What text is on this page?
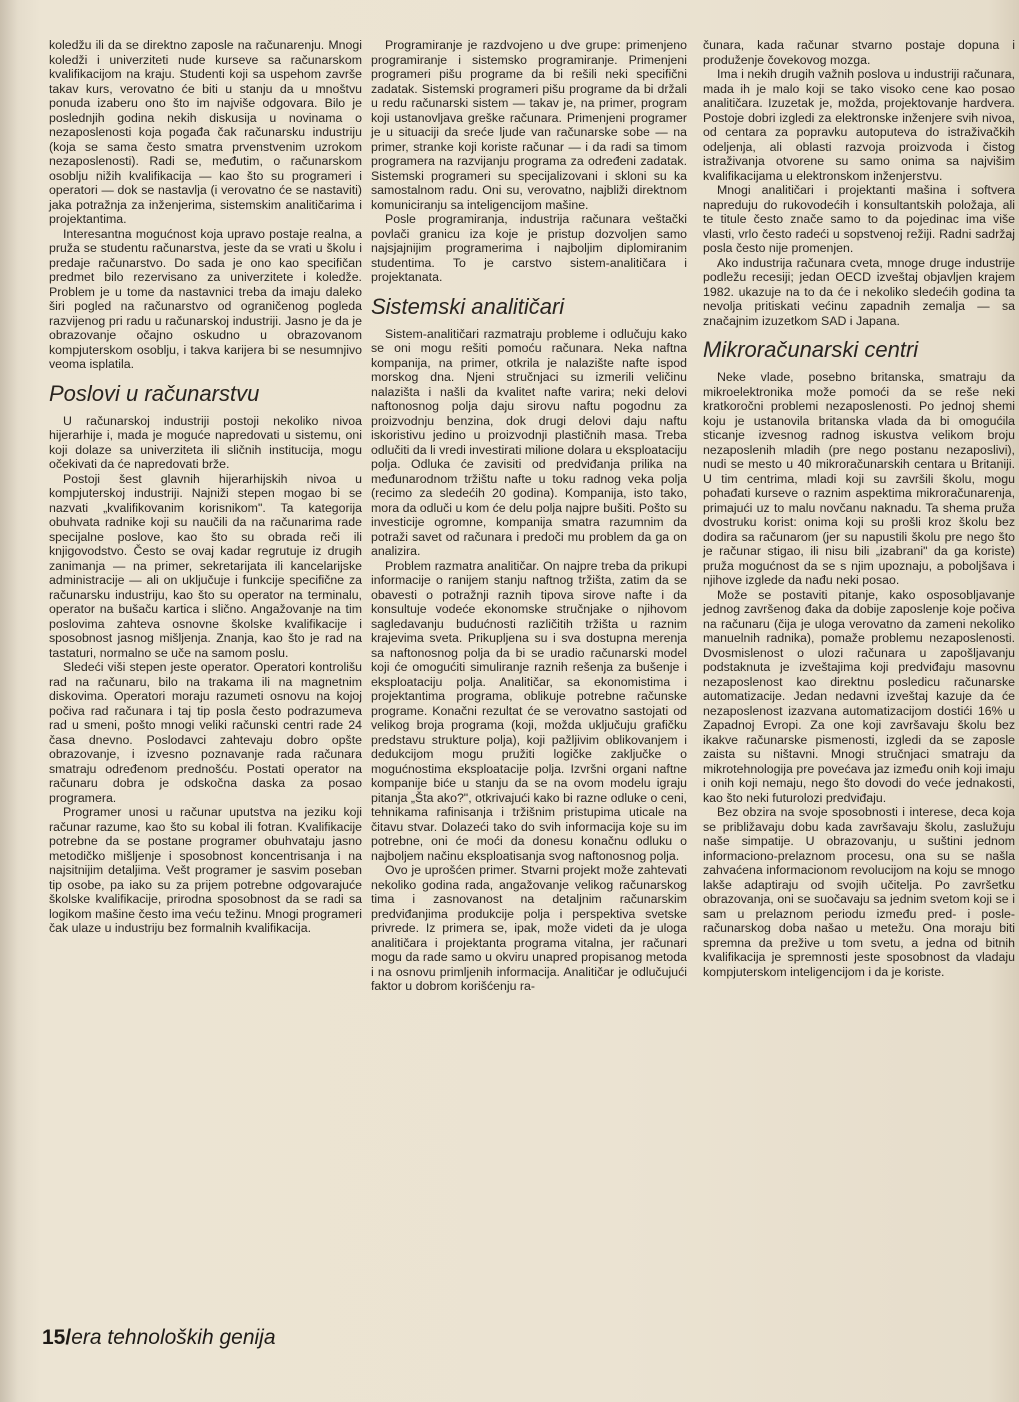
koledžu ili da se direktno zaposle na računarenju. Mnogi koledži i univerziteti nude kurseve sa računarskom kvalifikacijom na kraju. Studenti koji sa uspehom završe takav kurs, verovatno će biti u stanju da u mnoštvu ponuda izaberu ono što im najviše odgovara. Bilo je poslednjih godina nekih diskusija u novinama o nezaposlenosti koja pogađa čak računarsku industriju (koja se sama često smatra prvenstvenim uzrokom nezaposlenosti). Radi se, međutim, o računarskom osoblju nižih kvalifikacija — kao što su programeri i operatori — dok se nastavlja (i verovatno će se nastaviti) jaka potražnja za inženjerima, sistemskim analitičarima i projektantima.

Interesantna mogućnost koja upravo postaje realna, a pruža se studentu računarstva, jeste da se vrati u školu i predaje računarstvo. Do sada je ono kao specifičan predmet bilo rezervisano za univerzitete i koledže. Problem je u tome da nastavnici treba da imaju daleko širi pogled na računarstvo od ograničenog pogleda razvijenog pri radu u računarskoj industriji. Jasno je da je obrazovanje očajno oskudno u obrazovanom kompjuterskom osoblju, i takva karijera bi se nesumnjivo veoma isplatila.

Poslovi u računarstvu

U računarskoj industriji postoji nekoliko nivoa hijerarhije i, mada je moguće napredovati u sistemu, oni koji dolaze sa univerziteta ili sličnih institucija, mogu očekivati da će napredovati brže.

Postoji šest glavnih hijerarhijskih nivoa u kompjuterskoj industriji. Najniži stepen mogao bi se nazvati „kvalifikovanim korisnikom". Ta kategorija obuhvata radnike koji su naučili da na računarima rade specijalne poslove, kao što su obrada reči ili knjigovodstvo. Često se ovaj kadar regrutuje iz drugih zanimanja — na primer, sekretarijata ili kancelarijske administracije — ali on uključuje i funkcije specifične za računarsku industriju, kao što su operator na terminalu, operator na bušaču kartica i slično. Angažovanje na tim poslovima zahteva osnovne školske kvalifikacije i sposobnost jasnog mišljenja. Znanja, kao što je rad na tastaturi, normalno se uče na samom poslu.

Sledeći viši stepen jeste operator. Operatori kontrolišu rad na računaru, bilo na trakama ili na magnetnim diskovima. Operatori moraju razumeti osnovu na kojoj počiva rad računara i taj tip posla često podrazumeva rad u smeni, pošto mnogi veliki računski centri rade 24 časa dnevno. Poslodavci zahtevaju dobro opšte obrazovanje, i izvesno poznavanje rada računara smatraju određenom prednošću. Postati operator na računaru dobra je odskočna daska za posao programera.

Programer unosi u računar uputstva na jeziku koji računar razume, kao što su kobal ili fotran. Kvalifikacije potrebne da se postane programer obuhvataju jasno metodičko mišljenje i sposobnost koncentrisanja i na najsitnijim detaljima. Vešt programer je sasvim poseban tip osobe, pa iako su za prijem potrebne odgovarajuće školske kvalifikacije, prirodna sposobnost da se radi sa logikom mašine često ima veću težinu. Mnogi programeri čak ulaze u industriju bez formalnih kvalifikacija.

Programiranje je razdvojeno u dve grupe: primenjeno programiranje i sistemsko programiranje. Primenjeni programeri pišu programe da bi rešili neki specifični zadatak. Sistemski programeri pišu programe da bi držali u redu računarski sistem — takav je, na primer, program koji ustanovljava greške računara. Primenjeni programer je u situaciji da sreće ljude van računarske sobe — na primer, stranke koji koriste računar — i da radi sa timom programera na razvijanju programa za određeni zadatak. Sistemski programeri su specijalizovani i skloni su ka samostalnom radu. Oni su, verovatno, najbliži direktnom komuniciranju sa inteligencijom mašine.

Posle programiranja, industrija računara veštački povlači granicu iza koje je pristup dozvoljen samo najsjajnijim programerima i najboljim diplomiranim studentima. To je carstvo sistem-analitičara i projektanata.

Sistemski analitičari

Sistem-analitičari razmatraju probleme i odlučuju kako se oni mogu rešiti pomoću računara. Neka naftna kompanija, na primer, otkrila je nalazište nafte ispod morskog dna. Njeni stručnjaci su izmerili veličinu nalazišta i našli da kvalitet nafte varira; neki delovi naftonosnog polja daju sirovu naftu pogodnu za proizvodnju benzina, dok drugi delovi daju naftu iskoristivu jedino u proizvodnji plastičnih masa. Treba odlučiti da li vredi investirati milione dolara u eksploataciju polja. Odluka će zavisiti od predviđanja prilika na međunarodnom tržištu nafte u toku radnog veka polja (recimo za sledećih 20 godina). Kompanija, isto tako, mora da odluči u kom će delu polja najpre bušiti. Pošto su investicije ogromne, kompanija smatra razumnim da potraži savet od računara i predoči mu problem da ga on analizira.

Problem razmatra analitičar. On najpre treba da prikupi informacije o ranijem stanju naftnog tržišta, zatim da se obavesti o potražnji raznih tipova sirove nafte i da konsultuje vodeće ekonomske stručnjake o njihovom sagledavanju budućnosti različitih tržišta u raznim krajevima sveta. Prikupljena su i sva dostupna merenja sa naftonosnog polja da bi se uradio računarski model koji će omogućiti simuliranje raznih rešenja za bušenje i eksploataciju polja. Analitičar, sa ekonomistima i projektantima programa, oblikuje potrebne računske programe. Konačni rezultat će se verovatno sastojati od velikog broja programa (koji, možda uključuju grafičku predstavu strukture polja), koji pažljivim oblikovanjem i dedukcijom mogu pružiti logičke zaključke o mogućnostima eksploatacije polja. Izvršni organi naftne kompanije biće u stanju da se na ovom modelu igraju pitanja „Šta ako?", otkrivajući kako bi razne odluke o ceni, tehnikama rafinisanja i tržišnim pristupima uticale na čitavu stvar. Dolazeći tako do svih informacija koje su im potrebne, oni će moći da donesu konačnu odluku o najboljem načinu eksploatisanja svog naftonosnog polja.

Ovo je uprošćen primer. Stvarni projekt može zahtevati nekoliko godina rada, angažovanje velikog računarskog tima i zasnovanost na detaljnim računarskim predviđanjima produkcije polja i perspektiva svetske privrede. Iz primera se, ipak, može videti da je uloga analitičara i projektanta programa vitalna, jer računari mogu da rade samo u okviru unapred propisanog metoda i na osnovu primljenih informacija. Analitičar je odlučujući faktor u dobrom korišćenju ra-

čunara, kada računar stvarno postaje dopuna i produženje čovekovog mozga.

Ima i nekih drugih važnih poslova u industriji računara, mada ih je malo koji se tako visoko cene kao posao analitičara. Izuzetak je, možda, projektovanje hardvera. Postoje dobri izgledi za elektronske inženjere svih nivoa, od centara za popravku autoputeva do istraživačkih odeljenja, ali oblasti razvoja proizvoda i čistog istraživanja otvorene su samo onima sa najvišim kvalifikacijama u elektronskom inženjerstvu.

Mnogi analitičari i projektanti mašina i softvera napreduju do rukovodećih i konsultantskih položaja, ali te titule često znače samo to da pojedinac ima više vlasti, vrlo često radeći u sopstvenoj režiji. Radni sadržaj posla često nije promenjen.

Ako industrija računara cveta, mnoge druge industrije podležu recesiji; jedan OECD izveštaj objavljen krajem 1982. ukazuje na to da će i nekoliko sledećih godina ta nevolja pritiskati većinu zapadnih zemalja — sa značajnim izuzetkom SAD i Japana.

Mikroračunarski centri

Neke vlade, posebno britanska, smatraju da mikroelektronika može pomoći da se reše neki kratkoročni problemi nezaposlenosti. Po jednoj shemi koju je ustanovila britanska vlada da bi omogućila sticanje izvesnog radnog iskustva velikom broju nezaposlenih mladih (pre nego postanu nezaposlivi), nudi se mesto u 40 mikroračunarskih centara u Britaniji. U tim centrima, mladi koji su završili školu, mogu pohađati kurseve o raznim aspektima mikroračunarenja, primajući uz to malu novčanu naknadu. Ta shema pruža dvostruku korist: onima koji su prošli kroz školu bez dodira sa računarom (jer su napustili školu pre nego što je računar stigao, ili nisu bili „izabrani" da ga koriste) pruža mogućnost da se s njim upoznaju, a poboljšava i njihove izglede da nađu neki posao.

Može se postaviti pitanje, kako osposobljavanje jednog završenog đaka da dobije zaposlenje koje počiva na računaru (čija je uloga verovatno da zameni nekoliko manuelnih radnika), pomaže problemu nezaposlenosti. Dvosmislenost o ulozi računara u zapošljavanju podstaknuta je izveštajima koji predviđaju masovnu nezaposlenost kao direktnu posledicu računarske automatizacije. Jedan nedavni izveštaj kazuje da će nezaposlenost izazvana automatizacijom dostići 16% u Zapadnoj Evropi. Za one koji završavaju školu bez ikakve računarske pismenosti, izgledi da se zaposle zaista su ništavni. Mnogi stručnjaci smatraju da mikrotehnologija pre povećava jaz između onih koji imaju i onih koji nemaju, nego što dovodi do veće jednakosti, kao što neki futurolozi predviđaju.

Bez obzira na svoje sposobnosti i interese, deca koja se približavaju dobu kada završavaju školu, zaslužuju naše simpatije. U obrazovanju, u suštini jednom informaciono-prelaznom procesu, ona su se našla zahvaćena informacionom revolucijom na koju se mnogo lakše adaptiraju od svojih učitelja. Po završetku obrazovanja, oni se suočavaju sa jednim svetom koji se i sam u prelaznom periodu između pred- i posle-računarskog doba našao u metežu. Ona moraju biti spremna da prežive u tom svetu, a jedna od bitnih kvalifikacija je spremnosti jeste sposobnost da vladaju kompjuterskom inteligencijom i da je koriste.

15/era tehnoloških genija
